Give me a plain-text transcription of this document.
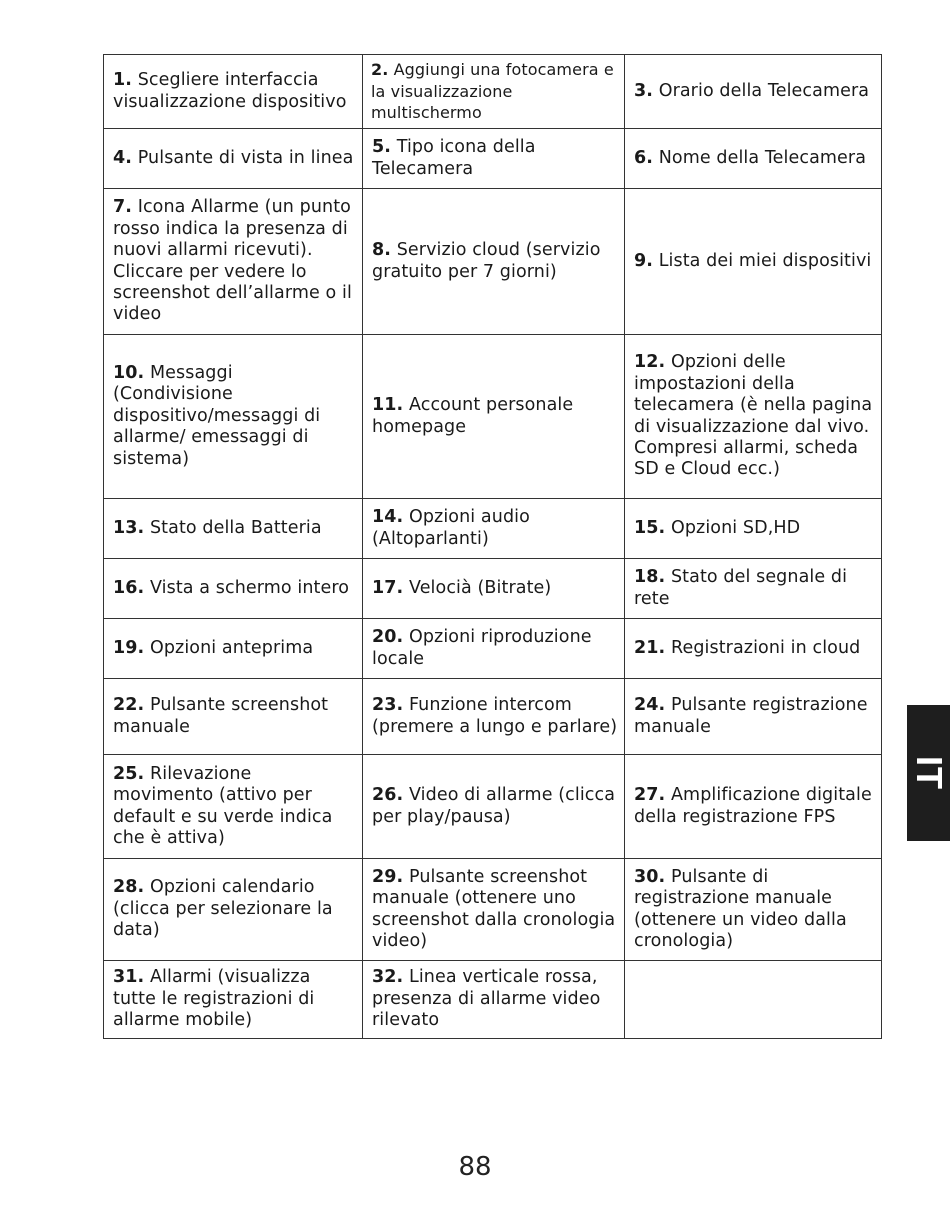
1. Scegliere interfaccia visualizzazione dispositivo	2. Aggiungi una fotocamera e la visualizzazione multischermo	3. Orario della Telecamera
4. Pulsante di vista in linea	5. Tipo icona della Telecamera	6. Nome della Telecamera
7. Icona Allarme (un punto rosso indica la presenza di nuovi allarmi ricevuti). Cliccare per vedere lo screenshot dell’allarme o il video	8. Servizio cloud (servizio gratuito per 7 giorni)	9. Lista dei miei dispositivi
10. Messaggi (Condivisione dispositivo/messaggi di allarme/ emessaggi di sistema)	11. Account personale homepage	12. Opzioni delle impostazioni della telecamera (è nella pagina di visualizzazione dal vivo. Compresi allarmi, scheda SD e Cloud ecc.)
13. Stato della Batteria	14. Opzioni audio (Altoparlanti)	15. Opzioni SD,HD
16. Vista a schermo intero	17. Velocià (Bitrate)	18. Stato del segnale di rete
19. Opzioni anteprima	20. Opzioni riproduzione locale	21. Registrazioni in cloud
22. Pulsante screenshot manuale	23. Funzione intercom (premere a lungo e parlare)	24. Pulsante registrazione manuale
25. Rilevazione movimento (attivo per default e su verde indica che è attiva)	26. Video di allarme (clicca per play/pausa)	27. Amplificazione digitale della registrazione FPS
28. Opzioni calendario (clicca per selezionare la data)	29. Pulsante screenshot manuale (ottenere uno screenshot dalla cronologia video)	30. Pulsante di registrazione manuale (ottenere un video dalla cronologia)
31. Allarmi (visualizza tutte le registrazioni di allarme mobile)	32. Linea verticale rossa, presenza di allarme video rilevato	
IT
88
